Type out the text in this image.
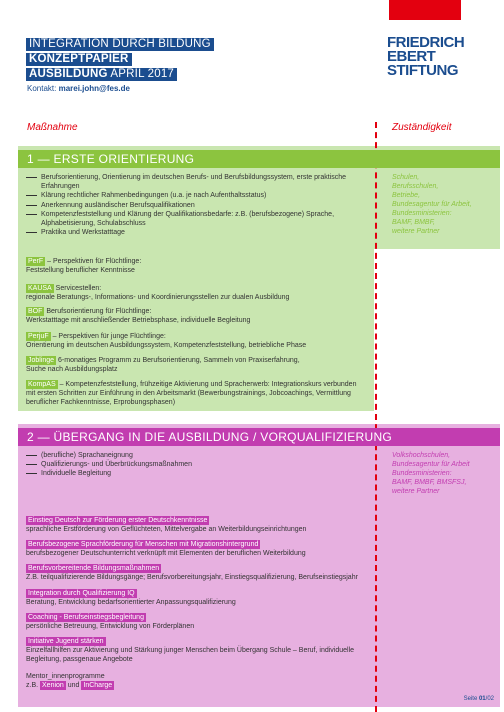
INTEGRATION DURCH BILDUNG
KONZEPTPAPIER
AUSBILDUNG APRIL 2017
Kontakt: marei.john@fes.de
FRIEDRICH
EBERT
STIFTUNG
Maßnahme	Zuständigkeit
1 — ERSTE ORIENTIERUNG
Berufsorientierung, Orientierung im deutschen Berufs- und Berufsbildungssystem, erste praktische Erfahrungen
Klärung rechtlicher Rahmenbedingungen (u.a. je nach Aufenthaltsstatus)
Anerkennung ausländischer Berufsqualifikationen
Kompetenzfeststellung und Klärung der Qualifikationsbedarfe: z.B. (berufsbezogene) Sprache, Alphabetisierung, Schulabschluss
Praktika und Werkstatttage
Schulen,
Berufsschulen,
Betriebe,
Bundesagentur für Arbeit,
Bundesministerien:
BAMF, BMBF,
weitere Partner
PerF – Perspektiven für Flüchtlinge:
Feststellung beruflicher Kenntnisse
KAUSA Servicestellen:
regionale Beratungs-, Informations- und Koordinierungsstellen zur dualen Ausbildung
BOF Berufsorientierung für Flüchtlinge:
Werkstatttage mit anschließender Betriebsphase, individuelle Begleitung
PerjuF – Perspektiven für junge Flüchtlinge:
Orientierung im deutschen Ausbildungssystem, Kompetenzfeststellung, betriebliche Phase
Joblinge 6-monatiges Programm zu Berufsorientierung, Sammeln von Praxiserfahrung,
Suche nach Ausbildungsplatz
KompAS – Kompetenzfeststellung, frühzeitige Aktivierung und Spracherwerb: Integrationskurs verbunden
mit ersten Schritten zur Einführung in den Arbeitsmarkt (Bewerbungstrainings, Jobcoachings, Vermittlung
beruflicher Fachkenntnisse, Erprobungsphasen)
2 — ÜBERGANG IN DIE AUSBILDUNG / VORQUALIFIZIERUNG
(berufliche) Sprachaneignung
Qualifizierungs- und Überbrückungsmaßnahmen
Individuelle Begleitung
Volkshochschulen,
Bundesagentur für Arbeit
Bundesministerien:
BAMF, BMBF, BMSFSJ,
weitere Partner
Einstieg Deutsch zur Förderung erster Deutschkenntnisse
sprachliche Erstförderung von Geflüchteten, Mittelvergabe an Weiterbildungseinrichtungen
Berufsbezogene Sprachförderung für Menschen mit Migrationshintergrund
berufsbezogener Deutschunterricht verknüpft mit Elementen der beruflichen Weiterbildung
Berufsvorbereitende Bildungsmaßnahmen
Z.B. teilqualifizierende Bildungsgänge; Berufsvorbereitungsjahr, Einstiegsqualifizierung, Berufseinstiegsjahr
Integration durch Qualifizierung IQ
Beratung, Entwicklung bedarfsorientierter Anpassungsqualifizierung
Coaching - Berufseinstiegsbegleitung
persönliche Betreuung, Entwicklung von Förderplänen
Initiative Jugend stärken
Einzelfallhilfen zur Aktivierung und Stärkung junger Menschen beim Übergang Schule – Beruf, individuelle
Begleitung, passgenaue Angebote
Mentor_innenprogramme
z.B. Xenion und InCharge
Seite 01/02
